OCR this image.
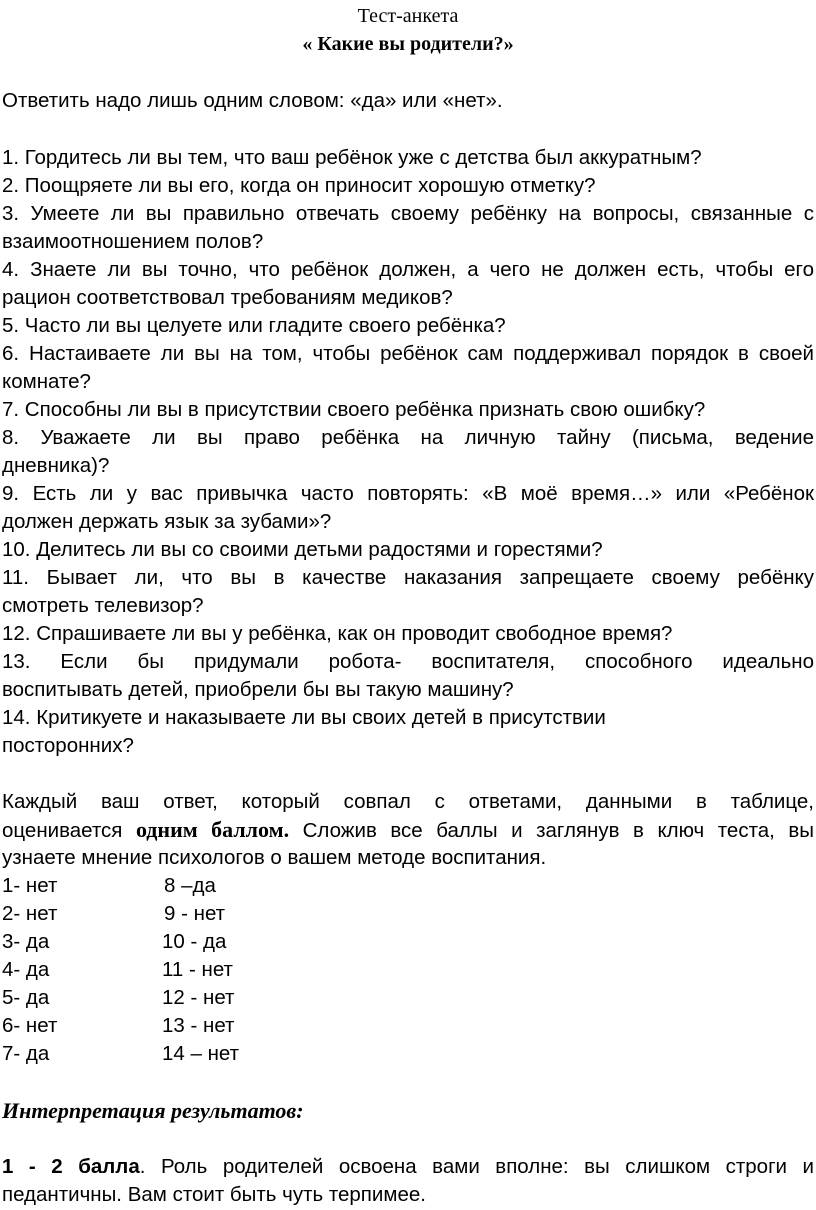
Тест-анкета
« Какие вы родители?»
Ответить надо лишь одним словом: «да» или «нет».
1. Гордитесь ли вы тем, что ваш ребёнок уже с детства был аккуратным?
2. Поощряете ли вы его, когда он приносит хорошую отметку?
3. Умеете ли вы правильно отвечать своему ребёнку на вопросы, связанные с
взаимоотношением полов?
4. Знаете ли вы точно, что ребёнок должен, а чего не должен есть, чтобы его
рацион соответствовал требованиям медиков?
5. Часто ли вы целуете или гладите своего ребёнка?
6. Настаиваете ли вы на том, чтобы ребёнок сам поддерживал порядок в своей
комнате?
7. Способны ли вы в присутствии своего ребёнка признать свою ошибку?
8. Уважаете ли вы право ребёнка на личную тайну (письма, ведение
дневника)?
9. Есть ли у вас привычка часто повторять: «В моё время…» или «Ребёнок
должен держать язык за зубами»?
10. Делитесь ли вы со своими детьми радостями и горестями?
11. Бывает ли, что вы в качестве наказания запрещаете своему ребёнку
смотреть телевизор?
12. Спрашиваете ли вы у ребёнка, как он проводит свободное время?
13. Если бы придумали робота- воспитателя, способного идеально
воспитывать детей, приобрели бы вы такую машину?
14. Критикуете и наказываете ли вы своих детей в присутствии
посторонних?
Каждый ваш ответ, который совпал с ответами, данными в таблице,
оценивается одним баллом. Сложив все баллы и заглянув в ключ теста, вы
узнаете мнение психологов о вашем методе воспитания.
1- нет	8 –да
2- нет	9 - нет
3- да	10 - да
4- да	11 - нет
5- да	12 - нет
6- нет	13 - нет
7- да	14 – нет
Интерпретация результатов:
1 - 2 балла. Роль родителей освоена вами вполне: вы слишком строги и
педантичны. Вам стоит быть чуть терпимее.
